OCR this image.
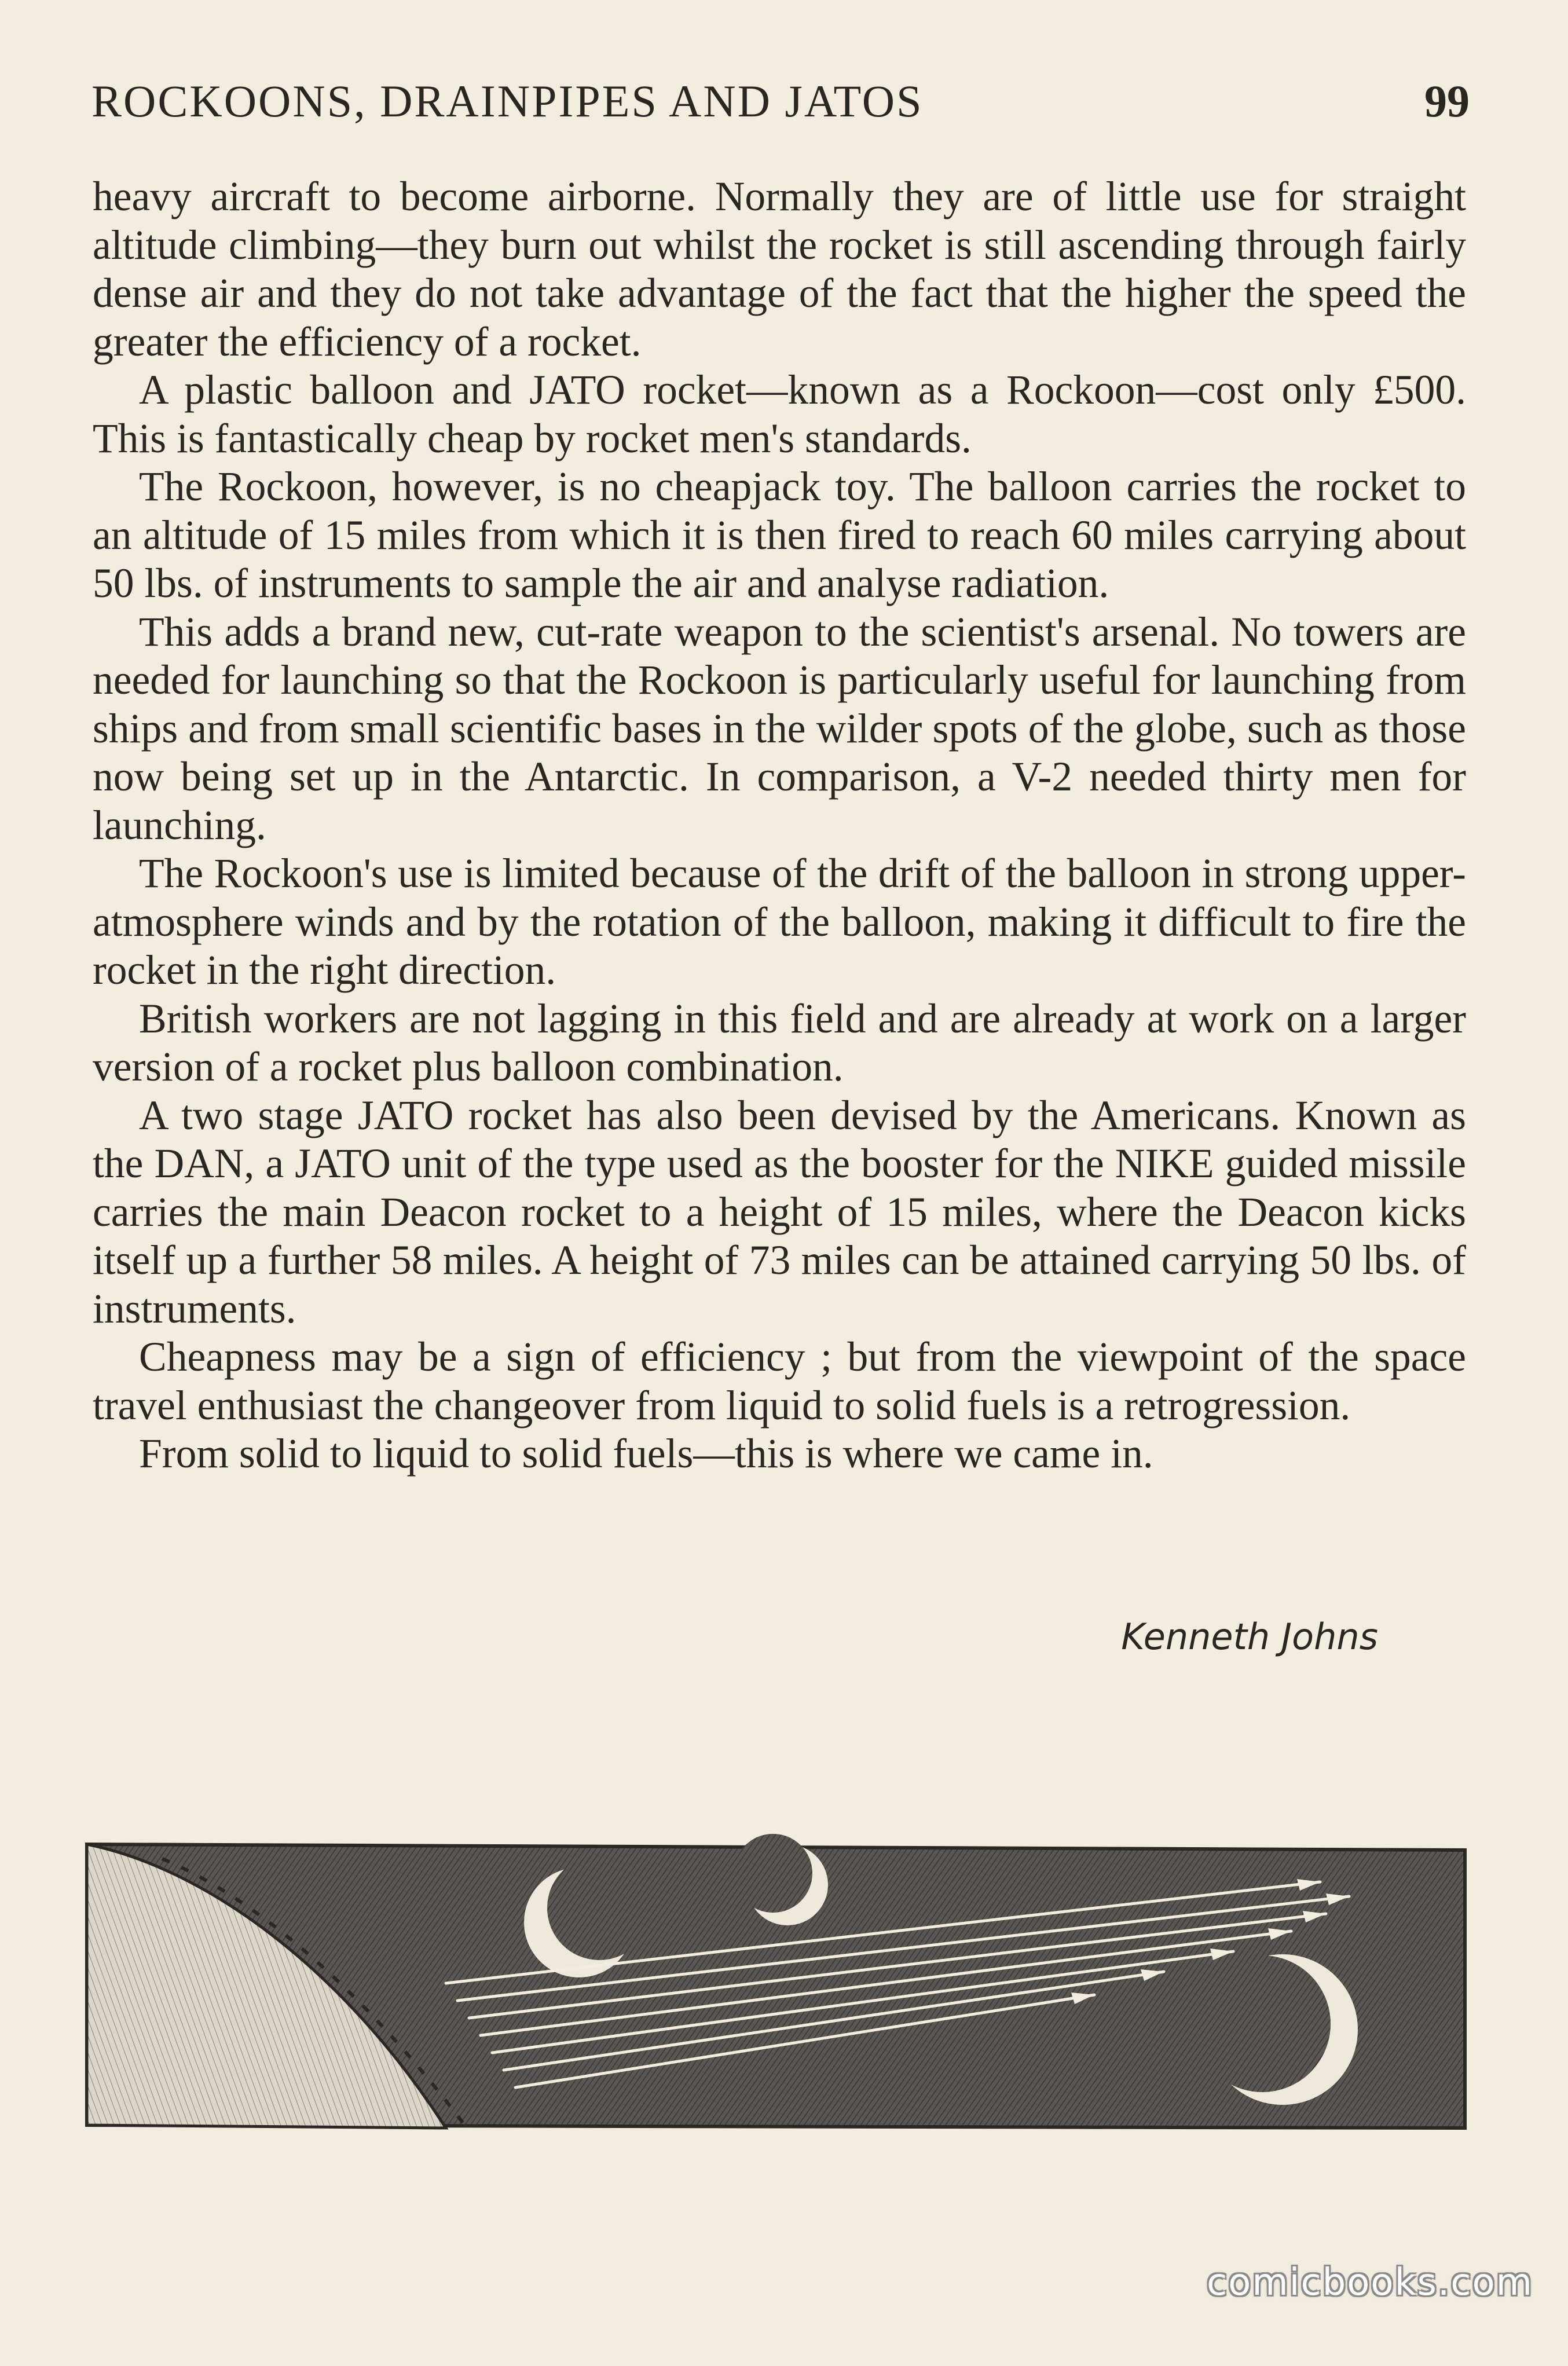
ROCKOONS, DRAINPIPES AND JATOS	99

heavy aircraft to become airborne. Normally they are of little use for straight altitude climbing—they burn out whilst the rocket is still ascending through fairly dense air and they do not take advantage of the fact that the higher the speed the greater the efficiency of a rocket.

A plastic balloon and JATO rocket—known as a Rockoon—cost only £500. This is fantastically cheap by rocket men's standards.

The Rockoon, however, is no cheapjack toy. The balloon carries the rocket to an altitude of 15 miles from which it is then fired to reach 60 miles carrying about 50 lbs. of instruments to sample the air and analyse radiation.

This adds a brand new, cut-rate weapon to the scientist's arsenal. No towers are needed for launching so that the Rockoon is particularly useful for launching from ships and from small scientific bases in the wilder spots of the globe, such as those now being set up in the Antarctic. In comparison, a V-2 needed thirty men for launching.

The Rockoon's use is limited because of the drift of the balloon in strong upper-atmosphere winds and by the rotation of the balloon, making it difficult to fire the rocket in the right direction.

British workers are not lagging in this field and are already at work on a larger version of a rocket plus balloon combination.

A two stage JATO rocket has also been devised by the Americans. Known as the DAN, a JATO unit of the type used as the booster for the NIKE guided missile carries the main Deacon rocket to a height of 15 miles, where the Deacon kicks itself up a further 58 miles. A height of 73 miles can be attained carrying 50 lbs. of instruments.

Cheapness may be a sign of efficiency ; but from the viewpoint of the space travel enthusiast the changeover from liquid to solid fuels is a retrogression.

From solid to liquid to solid fuels—this is where we came in.

Kenneth Johns
comicbooks.com
